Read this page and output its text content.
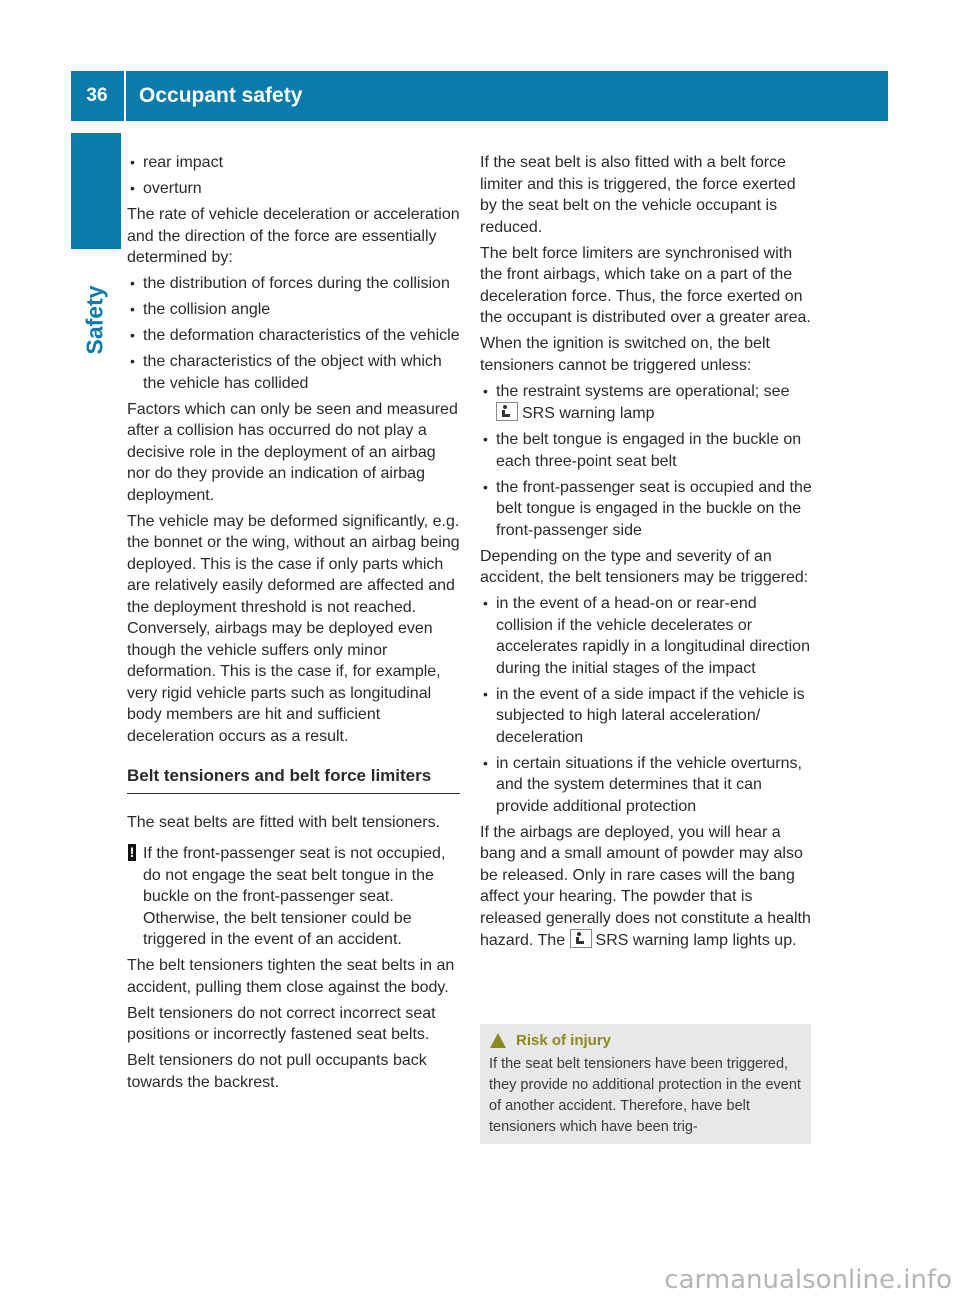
36	Occupant safety
Safety
• rear impact
• overturn

The rate of vehicle deceleration or acceleration and the direction of the force are essentially determined by:

• the distribution of forces during the collision
• the collision angle
• the deformation characteristics of the vehicle
• the characteristics of the object with which the vehicle has collided

Factors which can only be seen and measured after a collision has occurred do not play a decisive role in the deployment of an airbag nor do they provide an indication of airbag deployment.

The vehicle may be deformed significantly, e.g. the bonnet or the wing, without an airbag being deployed. This is the case if only parts which are relatively easily deformed are affected and the deployment threshold is not reached. Conversely, airbags may be deployed even though the vehicle suffers only minor deformation. This is the case if, for example, very rigid vehicle parts such as longitudinal body members are hit and sufficient deceleration occurs as a result.

Belt tensioners and belt force limiters

The seat belts are fitted with belt tensioners.

! If the front-passenger seat is not occupied, do not engage the seat belt tongue in the buckle on the front-passenger seat. Otherwise, the belt tensioner could be triggered in the event of an accident.

The belt tensioners tighten the seat belts in an accident, pulling them close against the body.

Belt tensioners do not correct incorrect seat positions or incorrectly fastened seat belts.

Belt tensioners do not pull occupants back towards the backrest.

If the seat belt is also fitted with a belt force limiter and this is triggered, the force exerted by the seat belt on the vehicle occupant is reduced.

The belt force limiters are synchronised with the front airbags, which take on a part of the deceleration force. Thus, the force exerted on the occupant is distributed over a greater area.

When the ignition is switched on, the belt tensioners cannot be triggered unless:

• the restraint systems are operational; see
SRS warning lamp
• the belt tongue is engaged in the buckle on each three-point seat belt
• the front-passenger seat is occupied and the belt tongue is engaged in the buckle on the front-passenger side

Depending on the type and severity of an accident, the belt tensioners may be triggered:

• in the event of a head-on or rear-end collision if the vehicle decelerates or accelerates rapidly in a longitudinal direction during the initial stages of the impact
• in the event of a side impact if the vehicle is subjected to high lateral acceleration/ deceleration
• in certain situations if the vehicle overturns, and the system determines that it can provide additional protection

If the airbags are deployed, you will hear a bang and a small amount of powder may also be released. Only in rare cases will the bang affect your hearing. The powder that is released generally does not constitute a health hazard. The SRS warning lamp lights up.

Risk of injury
If the seat belt tensioners have been triggered, they provide no additional protection in the event of another accident. Therefore, have belt tensioners which have been trig-
carmanualsonline.info
